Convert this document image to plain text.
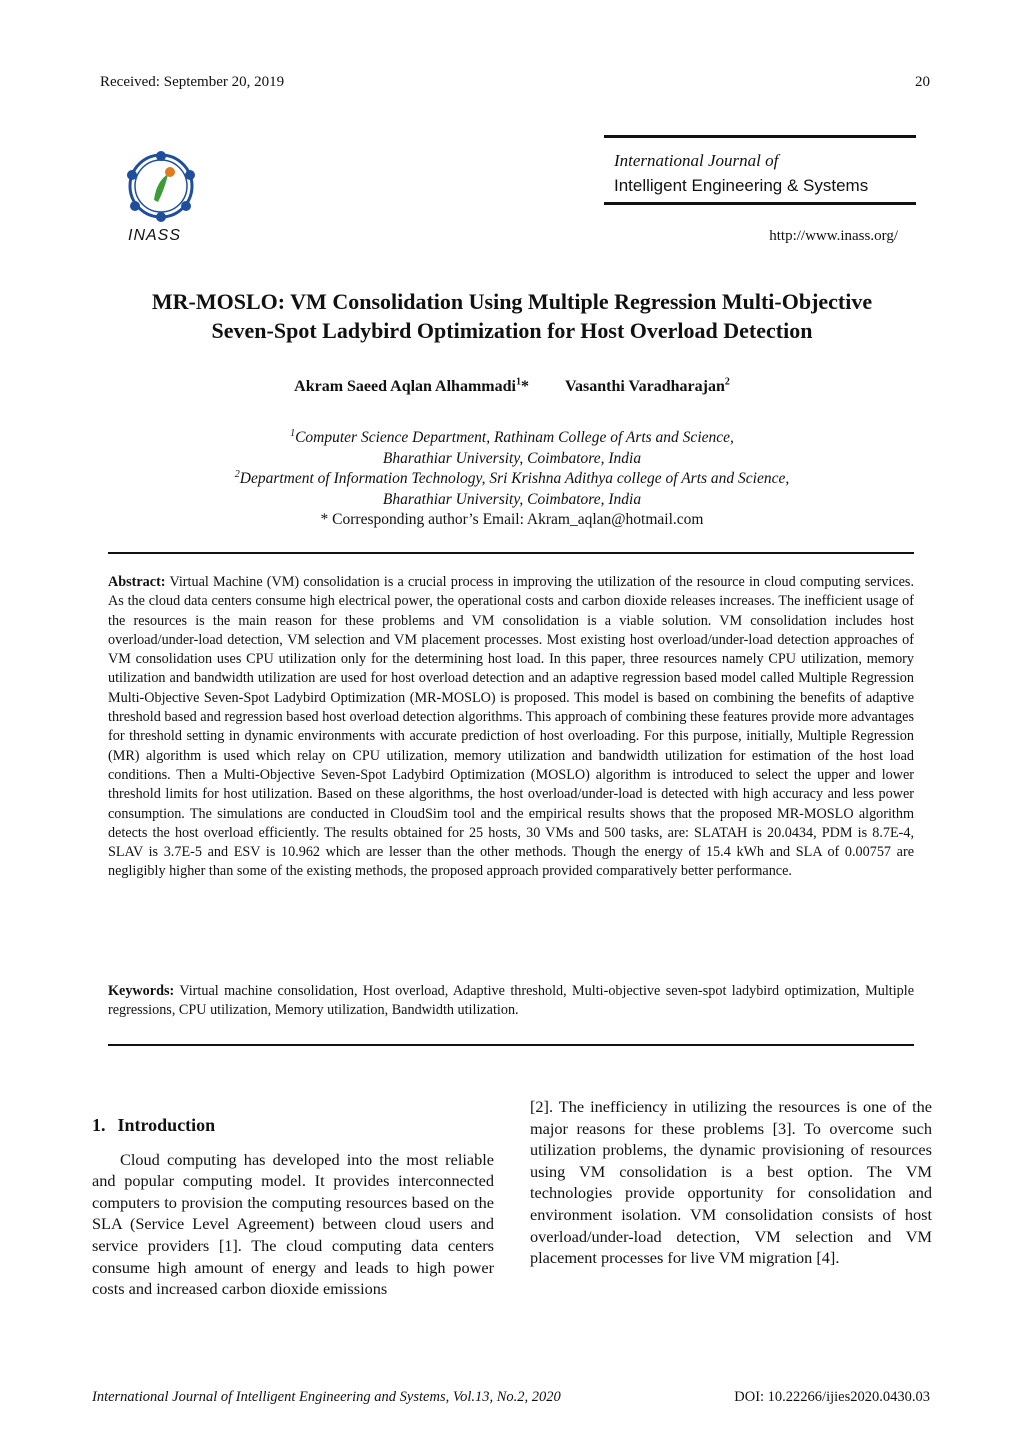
Received: September 20, 2019	20
INASS
International Journal of
Intelligent Engineering & Systems
http://www.inass.org/
MR-MOSLO: VM Consolidation Using Multiple Regression Multi-Objective
Seven-Spot Ladybird Optimization for Host Overload Detection
Akram Saeed Aqlan Alhammadi$^1$* Vasanthi Varadharajan$^2$
$^1$Computer Science Department, Rathinam College of Arts and Science,
Bharathiar University, Coimbatore, India
$^2$Department of Information Technology, Sri Krishna Adithya college of Arts and Science,
Bharathiar University, Coimbatore, India
* Corresponding author’s Email: Akram_aqlan@hotmail.com
Abstract: Virtual Machine (VM) consolidation is a crucial process in improving the utilization of the resource in cloud computing services. As the cloud data centers consume high electrical power, the operational costs and carbon dioxide releases increases. The inefficient usage of the resources is the main reason for these problems and VM consolidation is a viable solution. VM consolidation includes host overload/under-load detection, VM selection and VM placement processes. Most existing host overload/under-load detection approaches of VM consolidation uses CPU utilization only for the determining host load. In this paper, three resources namely CPU utilization, memory utilization and bandwidth utilization are used for host overload detection and an adaptive regression based model called Multiple Regression Multi-Objective Seven-Spot Ladybird Optimization (MR-MOSLO) is proposed. This model is based on combining the benefits of adaptive threshold based and regression based host overload detection algorithms. This approach of combining these features provide more advantages for threshold setting in dynamic environments with accurate prediction of host overloading. For this purpose, initially, Multiple Regression (MR) algorithm is used which relay on CPU utilization, memory utilization and bandwidth utilization for estimation of the host load conditions. Then a Multi-Objective Seven-Spot Ladybird Optimization (MOSLO) algorithm is introduced to select the upper and lower threshold limits for host utilization. Based on these algorithms, the host overload/under-load is detected with high accuracy and less power consumption. The simulations are conducted in CloudSim tool and the empirical results shows that the proposed MR-MOSLO algorithm detects the host overload efficiently. The results obtained for 25 hosts, 30 VMs and 500 tasks, are: SLATAH is 20.0434, PDM is 8.7E-4, SLAV is 3.7E-5 and ESV is 10.962 which are lesser than the other methods. Though the energy of 15.4 kWh and SLA of 0.00757 are negligibly higher than some of the existing methods, the proposed approach provided comparatively better performance.
Keywords: Virtual machine consolidation, Host overload, Adaptive threshold, Multi-objective seven-spot ladybird optimization, Multiple regressions, CPU utilization, Memory utilization, Bandwidth utilization.
1. Introduction

Cloud computing has developed into the most reliable and popular computing model. It provides interconnected computers to provision the computing resources based on the SLA (Service Level Agreement) between cloud users and service providers [1]. The cloud computing data centers consume high amount of energy and leads to high power costs and increased carbon dioxide emissions

[2]. The inefficiency in utilizing the resources is one of the major reasons for these problems [3]. To overcome such utilization problems, the dynamic provisioning of resources using VM consolidation is a best option. The VM technologies provide opportunity for consolidation and environment isolation. VM consolidation consists of host overload/under-load detection, VM selection and VM placement processes for live VM migration [4].

International Journal of Intelligent Engineering and Systems, Vol.13, No.2, 2020	DOI: 10.22266/ijies2020.0430.03
